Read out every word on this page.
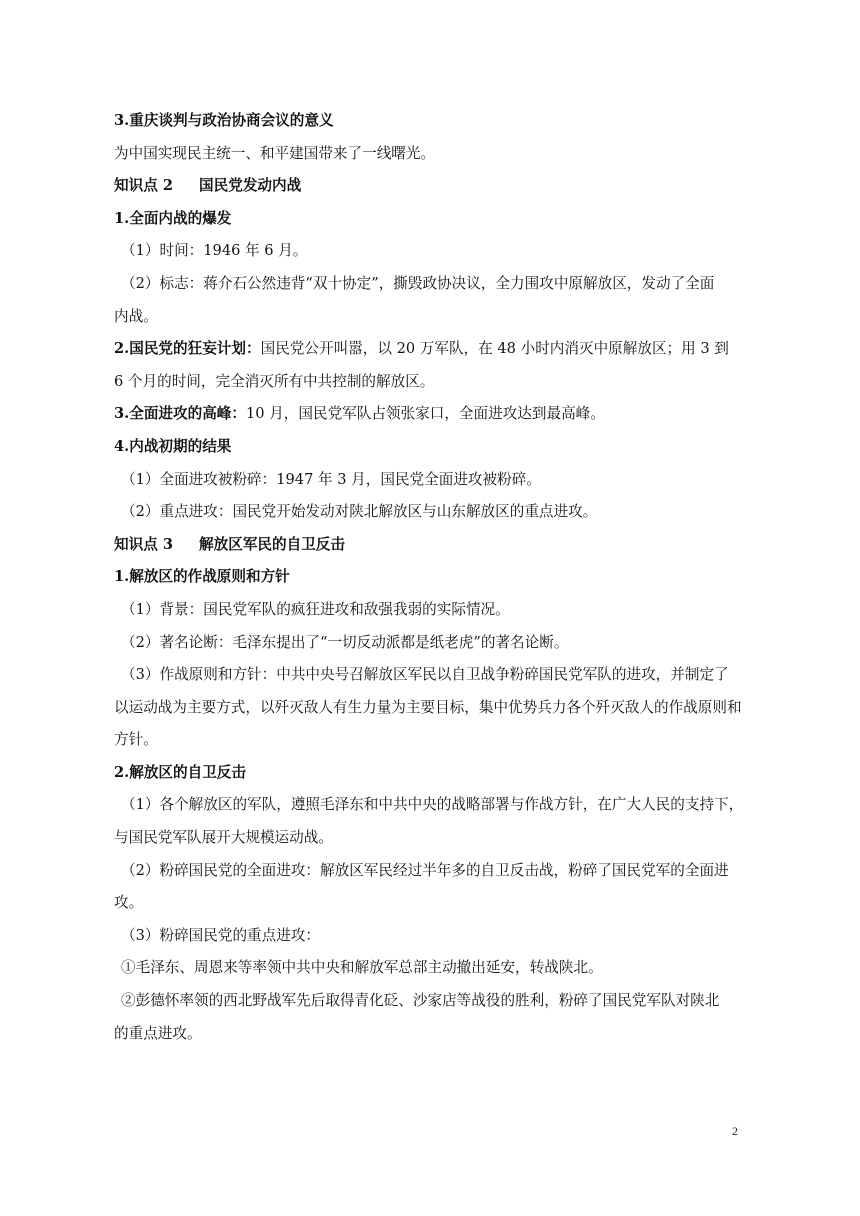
3.重庆谈判与政治协商会议的意义

为中国实现民主统一、和平建国带来了一线曙光。

知识点 2 国民党发动内战

1.全面内战的爆发

（1）时间：1946 年 6 月。

（2）标志：蒋介石公然违背“双十协定”，撕毁政协决议，全力围攻中原解放区，发动了全面

内战。

2.国民党的狂妄计划：国民党公开叫嚣，以 20 万军队，在 48 小时内消灭中原解放区；用 3 到

6 个月的时间，完全消灭所有中共控制的解放区。

3.全面进攻的高峰：10 月，国民党军队占领张家口，全面进攻达到最高峰。

4.内战初期的结果

（1）全面进攻被粉碎：1947 年 3 月，国民党全面进攻被粉碎。

（2）重点进攻：国民党开始发动对陕北解放区与山东解放区的重点进攻。

知识点 3 解放区军民的自卫反击

1.解放区的作战原则和方针

（1）背景：国民党军队的疯狂进攻和敌强我弱的实际情况。

（2）著名论断：毛泽东提出了“一切反动派都是纸老虎”的著名论断。

（3）作战原则和方针：中共中央号召解放区军民以自卫战争粉碎国民党军队的进攻，并制定了

以运动战为主要方式，以歼灭敌人有生力量为主要目标，集中优势兵力各个歼灭敌人的作战原则和

方针。

2.解放区的自卫反击

（1）各个解放区的军队，遵照毛泽东和中共中央的战略部署与作战方针，在广大人民的支持下，

与国民党军队展开大规模运动战。

（2）粉碎国民党的全面进攻：解放区军民经过半年多的自卫反击战，粉碎了国民党军的全面进

攻。

（3）粉碎国民党的重点进攻：

①毛泽东、周恩来等率领中共中央和解放军总部主动撤出延安，转战陕北。

②彭德怀率领的西北野战军先后取得青化砭、沙家店等战役的胜利，粉碎了国民党军队对陕北

的重点进攻。

2
